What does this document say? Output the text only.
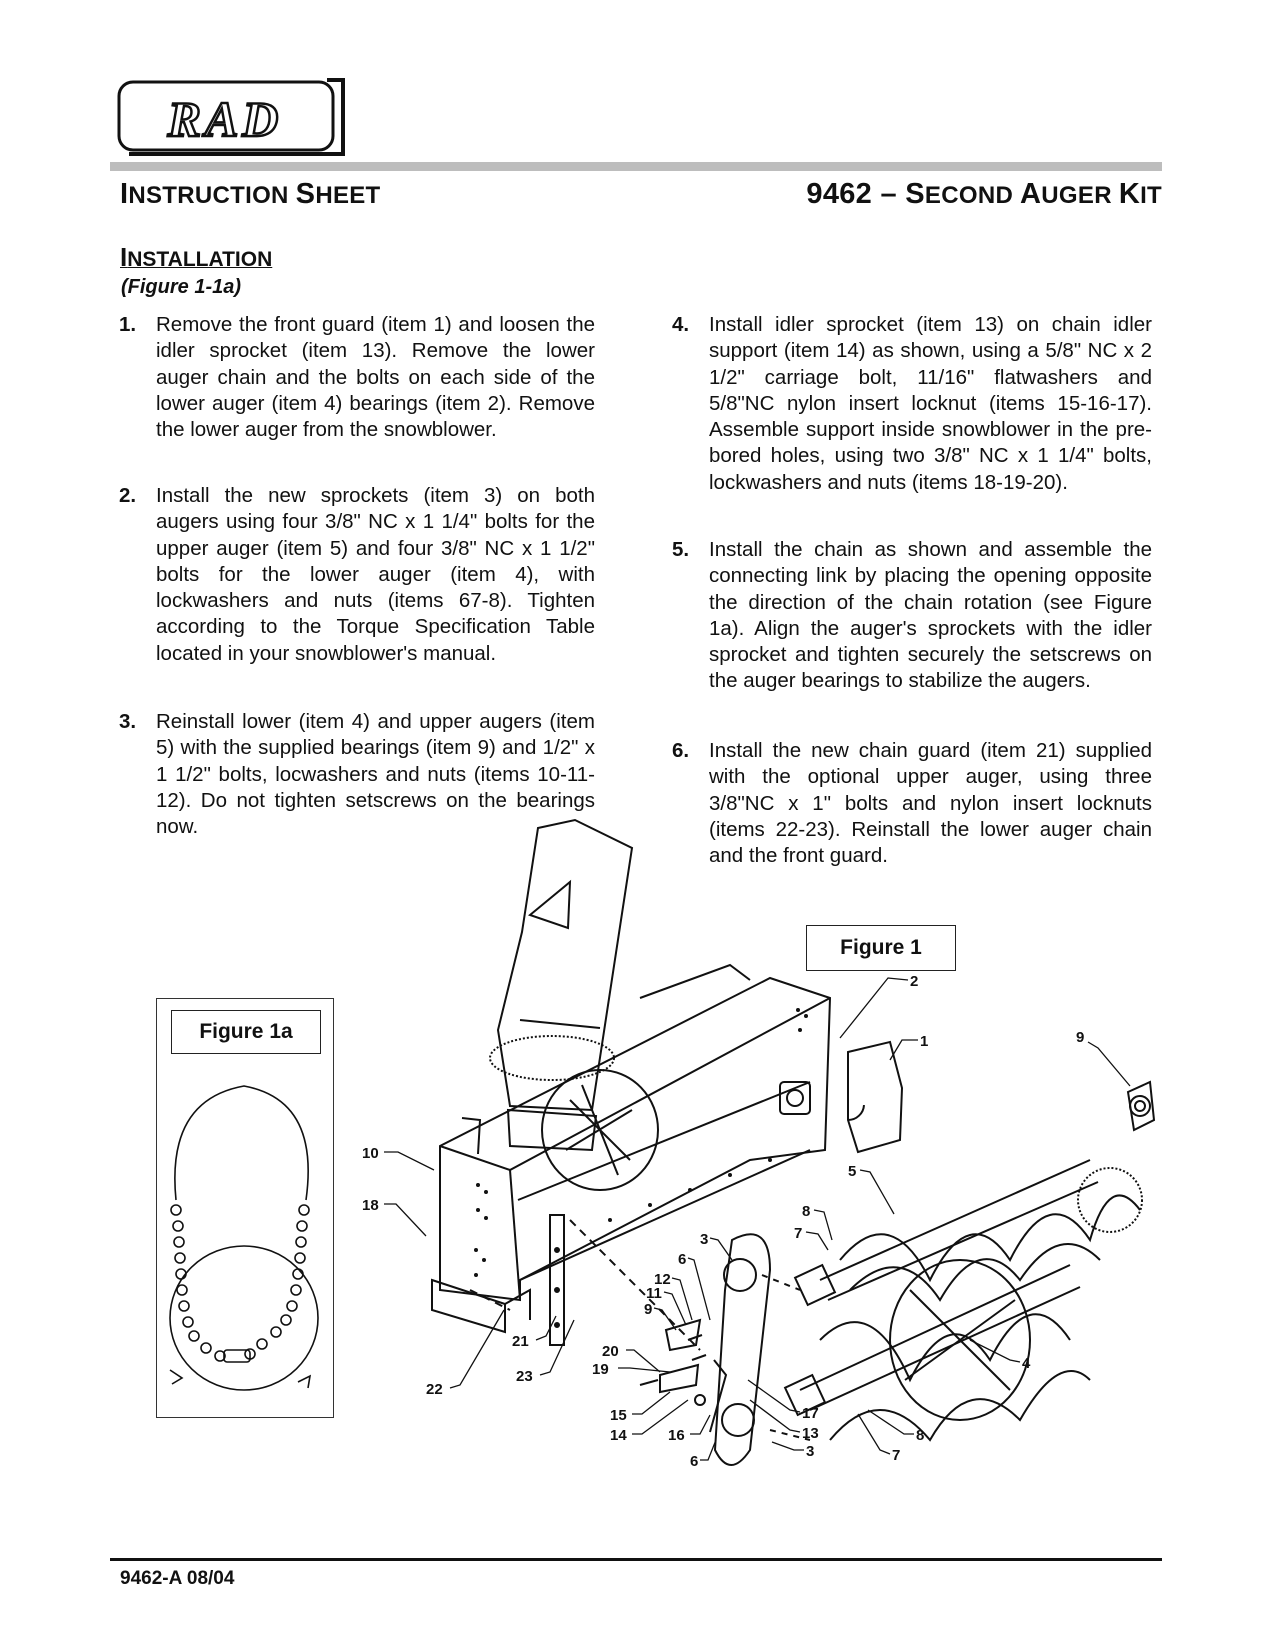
RAD
INSTRUCTION SHEET	9462 – SECOND AUGER KIT
INSTALLATION
(Figure 1-1a)
1. Remove the front guard (item 1) and loosen the idler sprocket (item 13). Remove the lower auger chain and the bolts on each side of the lower auger (item 4) bearings (item 2). Remove the lower auger from the snowblower.
2. Install the new sprockets (item 3) on both augers using four 3/8" NC x 1 1/4" bolts for the upper auger (item 5) and four 3/8" NC x 1 1/2" bolts for the lower auger (item 4), with lockwashers and nuts (items 67-8). Tighten according to the Torque Specification Table located in your snowblower's manual.
3. Reinstall lower (item 4) and upper augers (item 5) with the supplied bearings (item 9) and 1/2" x 1 1/2" bolts, locwashers and nuts (items 10-11-12). Do not tighten setscrews on the bearings now.
4. Install idler sprocket (item 13) on chain idler support (item 14) as shown, using a 5/8" NC x 2 1/2" carriage bolt, 11/16" flatwashers and 5/8"NC nylon insert locknut (items 15-16-17). Assemble support inside snowblower in the pre-bored holes, using two 3/8" NC x 1 1/4" bolts, lockwashers and nuts (items 18-19-20).
5. Install the chain as shown and assemble the connecting link by placing the opening opposite the direction of the chain rotation (see Figure 1a). Align the auger's sprockets with the idler sprocket and tighten securely the setscrews on the auger bearings to stabilize the augers.
6. Install the new chain guard (item 21) supplied with the optional upper auger, using three 3/8"NC x 1" bolts and nylon insert locknuts (items 22-23). Reinstall the lower auger chain and the front guard.
2
1	9
10
18
5
8
7
3
6
12
11
9
4
21
20
19
23
22
15
14	16
17
13
7
8
6
3
Figure 1a
Figure 1
9462-A 08/04
